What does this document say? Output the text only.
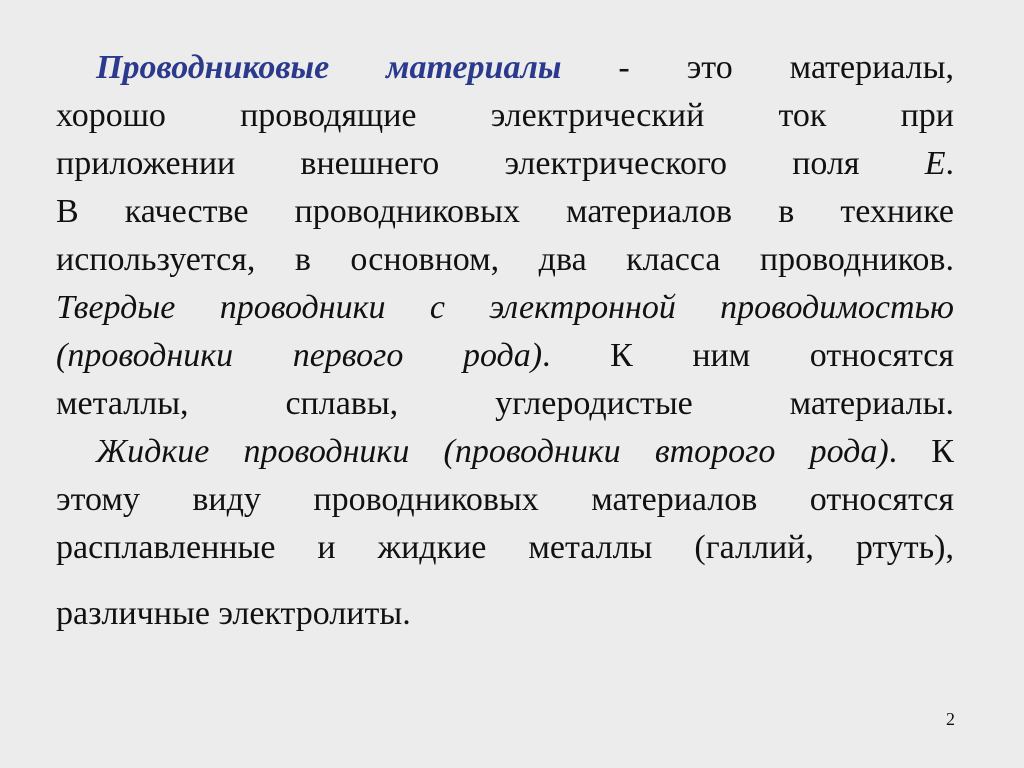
Проводниковые материалы - это материалы,
хорошо проводящие электрический ток при
приложении внешнего электрического поля E.
В качестве проводниковых материалов в технике
используется, в основном, два класса проводников.
Твердые проводники с электронной проводимостью
(проводники первого рода). К ним относятся
металлы, сплавы, углеродистые материалы.
Жидкие проводники (проводники второго рода). К
этому виду проводниковых материалов относятся
расплавленные и жидкие металлы (галлий, ртуть),
различные электролиты.
2
